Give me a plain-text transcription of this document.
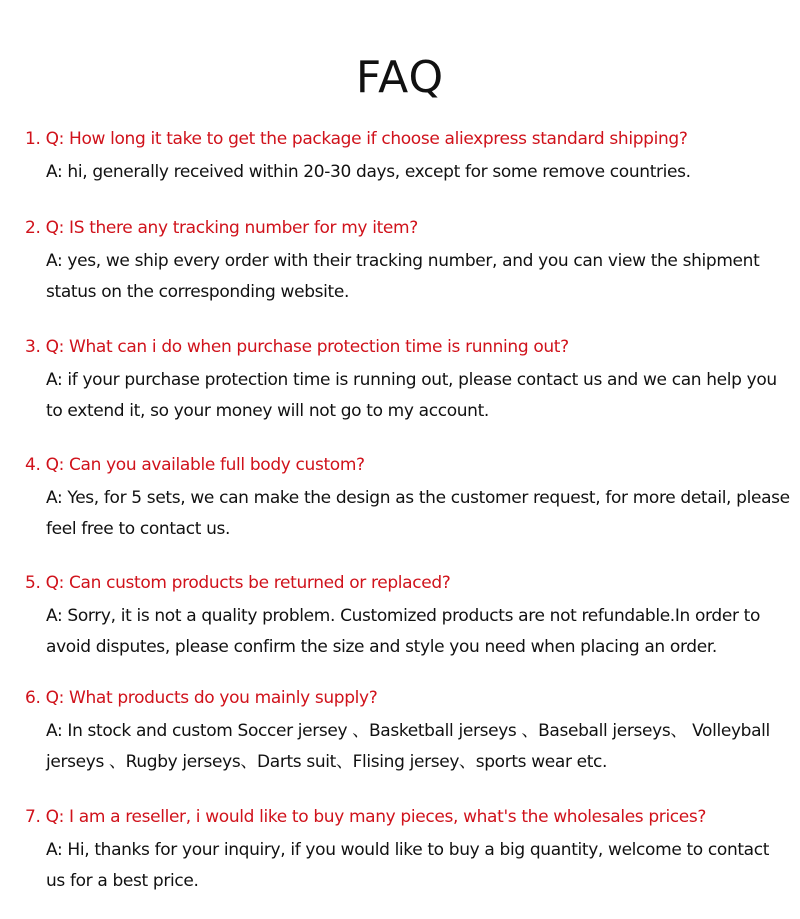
FAQ
1. Q: How long it take to get the package if choose aliexpress standard shipping?
A: hi, generally received within 20-30 days, except for some remove countries.
2. Q: IS there any tracking number for my item?
A: yes, we ship every order with their tracking number, and you can view the shipment
status on the corresponding website.
3. Q: What can i do when purchase protection time is running out?
A: if your purchase protection time is running out, please contact us and we can help you
to extend it, so your money will not go to my account.
4. Q: Can you available full body custom?
A: Yes, for 5 sets, we can make the design as the customer request, for more detail, please
feel free to contact us.
5. Q: Can custom products be returned or replaced?
A: Sorry, it is not a quality problem. Customized products are not refundable.In order to
avoid disputes, please confirm the size and style you need when placing an order.
6. Q: What products do you mainly supply?
A: In stock and custom Soccer jersey 、Basketball jerseys 、Baseball jerseys、 Volleyball
jerseys 、Rugby jerseys、Darts suit、Flising jersey、sports wear etc.
7. Q: I am a reseller, i would like to buy many pieces, what's the wholesales prices?
A: Hi, thanks for your inquiry, if you would like to buy a big quantity, welcome to contact
us for a best price.
